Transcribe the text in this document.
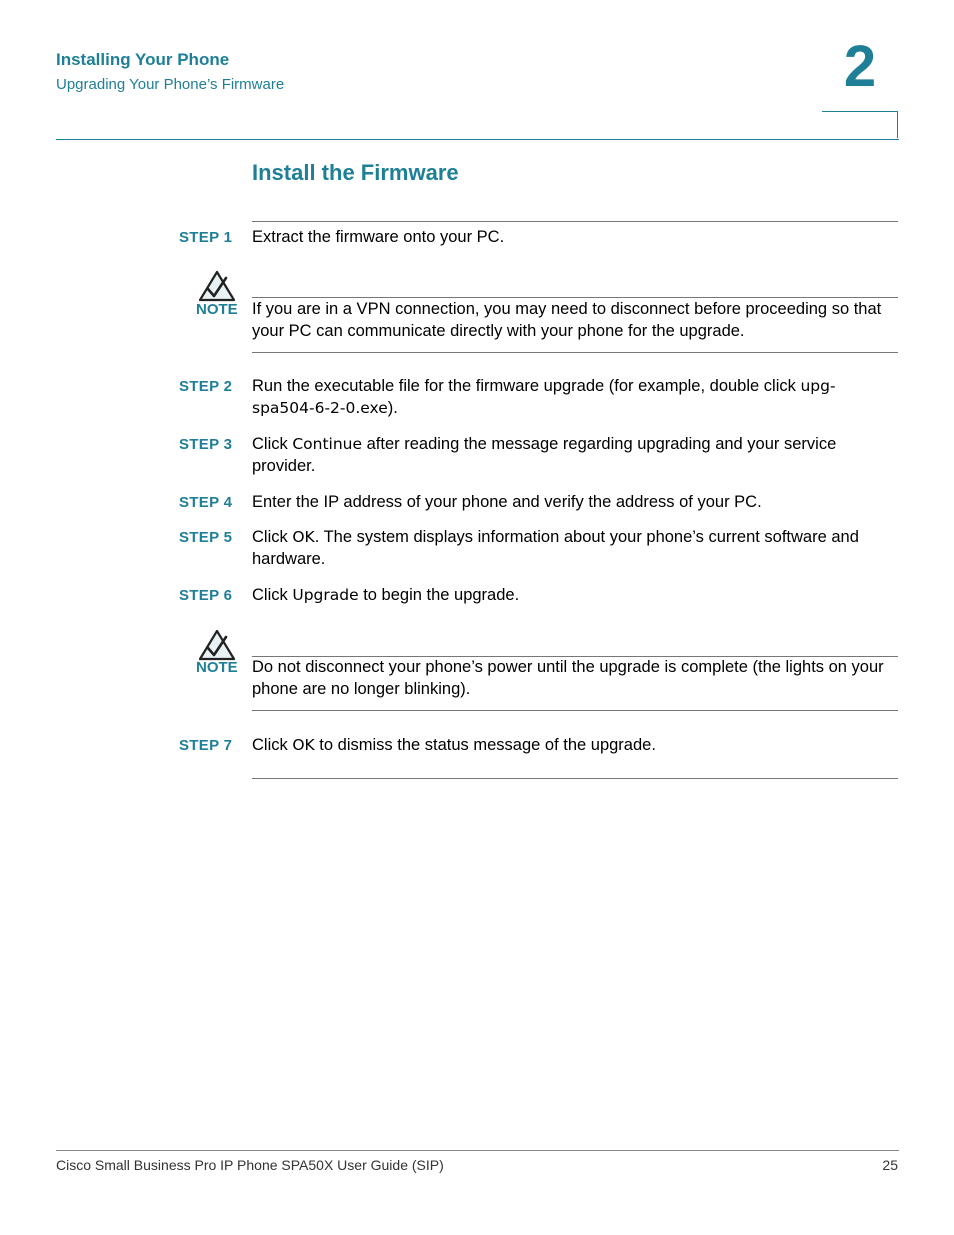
Installing Your Phone
Upgrading Your Phone’s Firmware	2
Install the Firmware
STEP 1	Extract the firmware onto your PC.
NOTE If you are in a VPN connection, you may need to disconnect before proceeding so that your PC can communicate directly with your phone for the upgrade.
STEP 2	Run the executable file for the firmware upgrade (for example, double click upg-spa504-6-2-0.exe).
STEP 3	Click Continue after reading the message regarding upgrading and your service provider.
STEP 4	Enter the IP address of your phone and verify the address of your PC.
STEP 5	Click OK. The system displays information about your phone’s current software and hardware.
STEP 6	Click Upgrade to begin the upgrade.
NOTE Do not disconnect your phone’s power until the upgrade is complete (the lights on your phone are no longer blinking).
STEP 7	Click OK to dismiss the status message of the upgrade.
Cisco Small Business Pro IP Phone SPA50X User Guide (SIP)	25
